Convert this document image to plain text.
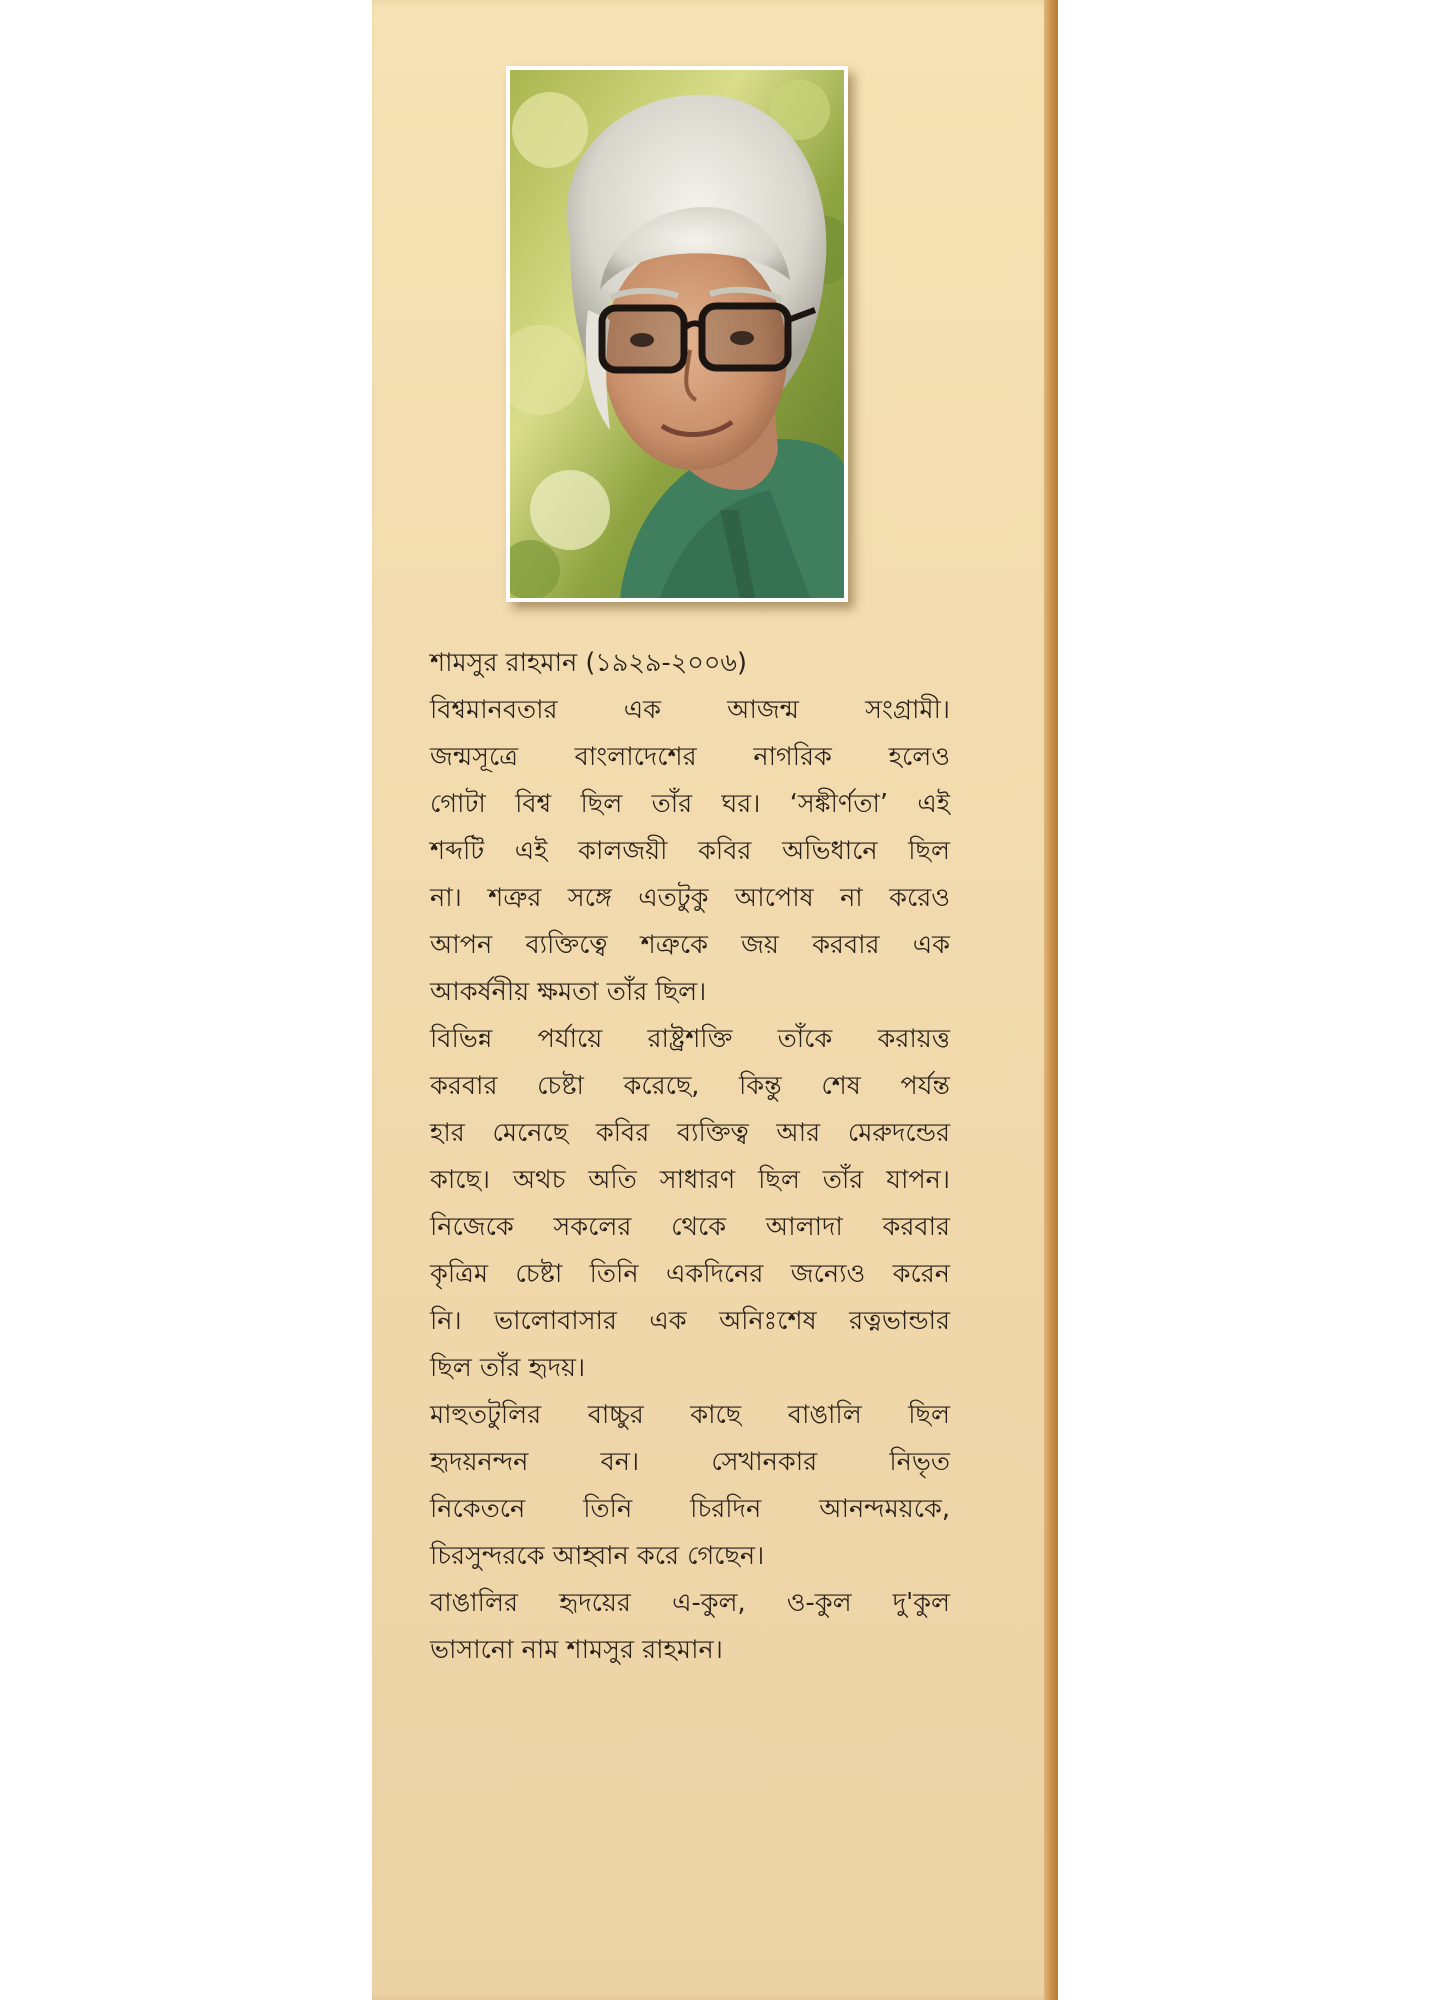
শামসুর রাহমান (১৯২৯-২০০৬)
বিশ্বমানবতার এক আজন্ম সংগ্রামী।
জন্মসূত্রে বাংলাদেশের নাগরিক হলেও
গোটা বিশ্ব ছিল তাঁর ঘর। ‘সঙ্কীর্ণতা’ এই
শব্দটি এই কালজয়ী কবির অভিধানে ছিল
না। শত্রুর সঙ্গে এতটুকু আপোষ না করেও
আপন ব্যক্তিত্বে শত্রুকে জয় করবার এক
আকর্ষনীয় ক্ষমতা তাঁর ছিল।
বিভিন্ন পর্যায়ে রাষ্ট্রশক্তি তাঁকে করায়ত্ত
করবার চেষ্টা করেছে, কিন্তু শেষ পর্যন্ত
হার মেনেছে কবির ব্যক্তিত্ব আর মেরুদন্ডের
কাছে। অথচ অতি সাধারণ ছিল তাঁর যাপন।
নিজেকে সকলের থেকে আলাদা করবার
কৃত্রিম চেষ্টা তিনি একদিনের জন্যেও করেন
নি। ভালোবাসার এক অনিঃশেষ রত্নভান্ডার
ছিল তাঁর হৃদয়।
মাহুতটুলির বাচ্চুর কাছে বাঙালি ছিল
হৃদয়নন্দন বন। সেখানকার নিভৃত
নিকেতনে তিনি চিরদিন আনন্দময়কে,
চিরসুন্দরকে আহ্বান করে গেছেন।
বাঙালির হৃদয়ের এ-কুল, ও-কুল দু'কুল
ভাসানো নাম শামসুর রাহমান।
